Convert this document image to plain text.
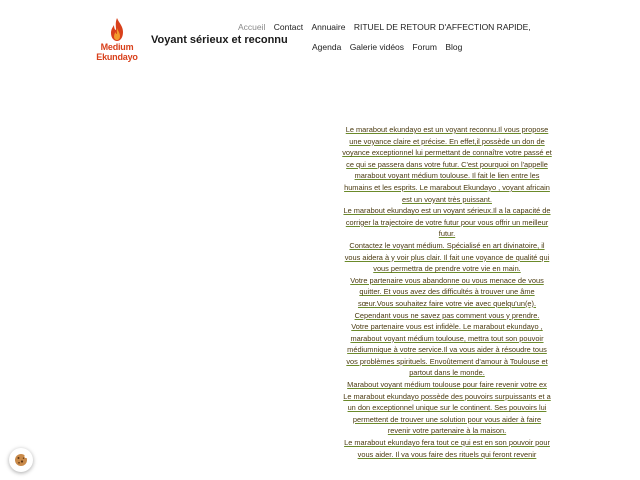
Medium
Ekundayo
Voyant sérieux et reconnu
Accueil Contact Annuaire RITUEL DE RETOUR D'AFFECTION RAPIDE,
Agenda Galerie vidéos Forum Blog

Le marabout ekundayo est un voyant reconnu.Il vous propose une voyance claire et précise. En effet,il possède un don de voyance exceptionnel lui permettant de connaître votre passé et ce qui se passera dans votre futur. C'est pourquoi on l'appelle marabout voyant médium toulouse. Il fait le lien entre les humains et les esprits. Le marabout Ekundayo , voyant africain est un voyant très puissant.

Le marabout ekundayo est un voyant sérieux.Il a la capacité de corriger la trajectoire de votre futur pour vous offrir un meilleur futur.

Contactez le voyant médium. Spécialisé en art divinatoire, il vous aidera à y voir plus clair. Il fait une voyance de qualité qui vous permettra de prendre votre vie en main.

Votre partenaire vous abandonne ou vous menace de vous quitter. Et vous avez des difficultés à trouver une âme sœur.Vous souhaitez faire votre vie avec quelqu'un(e). Cependant vous ne savez pas comment vous y prendre.

Votre partenaire vous est infidèle. Le marabout ekundayo , marabout voyant médium toulouse, mettra tout son pouvoir médiumnique à votre service.Il va vous aider à résoudre tous vos problèmes spirituels. Envoûtement d'amour à Toulouse et partout dans le monde.

Marabout voyant médium toulouse pour faire revenir votre ex

Le marabout ekundayo possède des pouvoirs surpuissants et a un don exceptionnel unique sur le continent. Ses pouvoirs lui permettent de trouver une solution pour vous aider à faire revenir votre partenaire à la maison.

Le marabout ekundayo fera tout ce qui est en son pouvoir pour vous aider. Il va vous faire des rituels qui feront revenir
